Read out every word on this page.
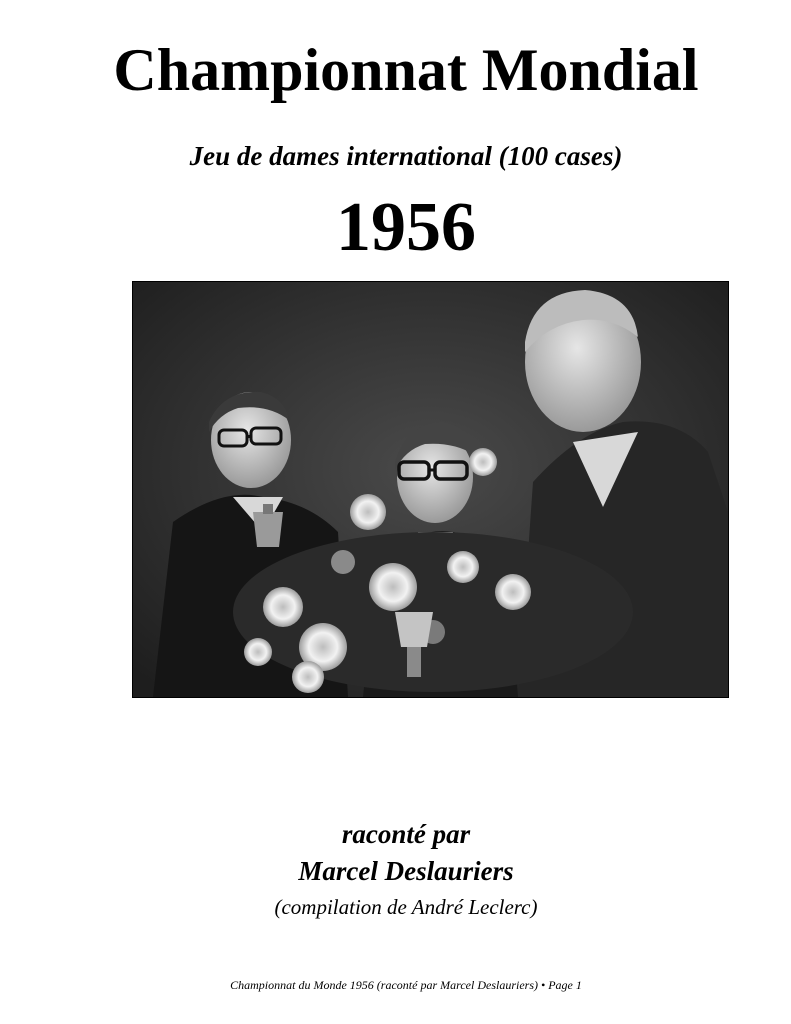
Championnat Mondial

Jeu de dames international (100 cases)

1956

raconté par

Marcel Deslauriers

(compilation de André Leclerc)

Championnat du Monde 1956 (raconté par Marcel Deslauriers) • Page 1
